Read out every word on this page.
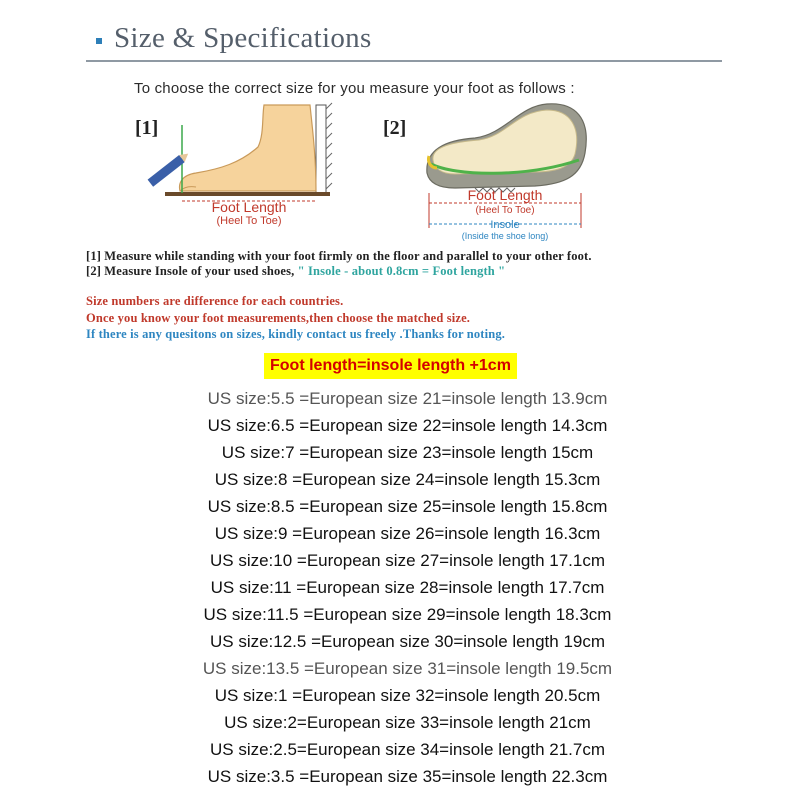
Size & Specifications
To choose the correct size for you measure your foot as follows :
[1]
Foot Length
(Heel To Toe)
[2]
Foot Length
(Heel To Toe)
Insole
(Inside the shoe long)
[1] Measure while standing with your foot firmly on the floor and parallel to your other foot.
[2] Measure Insole of your used shoes, " Insole - about 0.8cm = Foot length "
Size numbers are difference for each countries.
Once you know your foot measurements,then choose the matched size.
If there is any quesitons on sizes, kindly contact us freely .Thanks for noting.
Foot length=insole length +1cm
US size:5.5 =European size 21=insole length 13.9cm
US size:6.5 =European size 22=insole length 14.3cm
US size:7 =European size 23=insole length 15cm
US size:8 =European size 24=insole length 15.3cm
US size:8.5 =European size 25=insole length 15.8cm
US size:9 =European size 26=insole length 16.3cm
US size:10 =European size 27=insole length 17.1cm
US size:11 =European size 28=insole length 17.7cm
US size:11.5 =European size 29=insole length 18.3cm
US size:12.5 =European size 30=insole length 19cm
US size:13.5 =European size 31=insole length 19.5cm
US size:1 =European size 32=insole length 20.5cm
US size:2=European size 33=insole length 21cm
US size:2.5=European size 34=insole length 21.7cm
US size:3.5 =European size 35=insole length 22.3cm
